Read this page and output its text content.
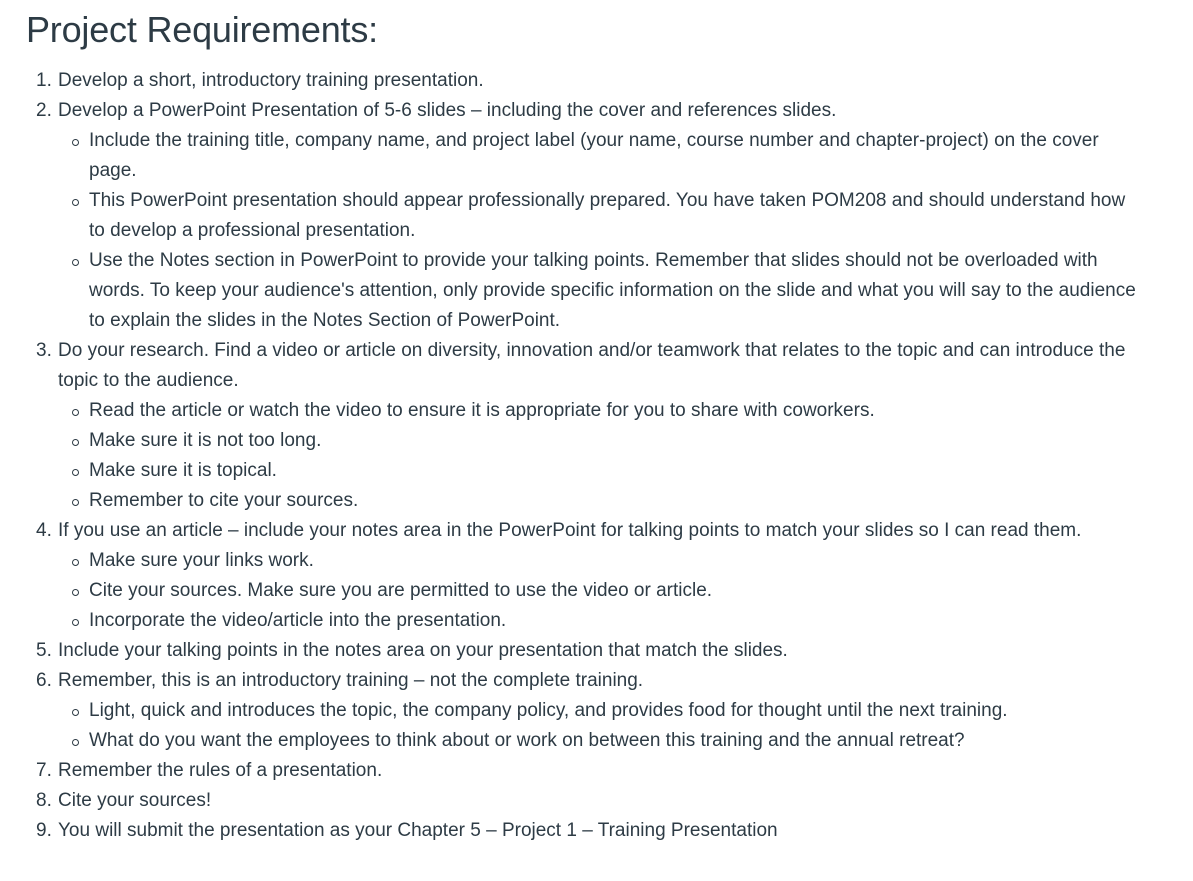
Project Requirements:
Develop a short, introductory training presentation.
Develop a PowerPoint Presentation of 5-6 slides – including the cover and references slides.
Include the training title, company name, and project label (your name, course number and chapter-project) on the cover page.
This PowerPoint presentation should appear professionally prepared. You have taken POM208 and should understand how to develop a professional presentation.
Use the Notes section in PowerPoint to provide your talking points. Remember that slides should not be overloaded with words. To keep your audience's attention, only provide specific information on the slide and what you will say to the audience to explain the slides in the Notes Section of PowerPoint.
Do your research. Find a video or article on diversity, innovation and/or teamwork that relates to the topic and can introduce the topic to the audience.
Read the article or watch the video to ensure it is appropriate for you to share with coworkers.
Make sure it is not too long.
Make sure it is topical.
Remember to cite your sources.
If you use an article – include your notes area in the PowerPoint for talking points to match your slides so I can read them.
Make sure your links work.
Cite your sources. Make sure you are permitted to use the video or article.
Incorporate the video/article into the presentation.
Include your talking points in the notes area on your presentation that match the slides.
Remember, this is an introductory training – not the complete training.
Light, quick and introduces the topic, the company policy, and provides food for thought until the next training.
What do you want the employees to think about or work on between this training and the annual retreat?
Remember the rules of a presentation.
Cite your sources!
You will submit the presentation as your Chapter 5 – Project 1 – Training Presentation
